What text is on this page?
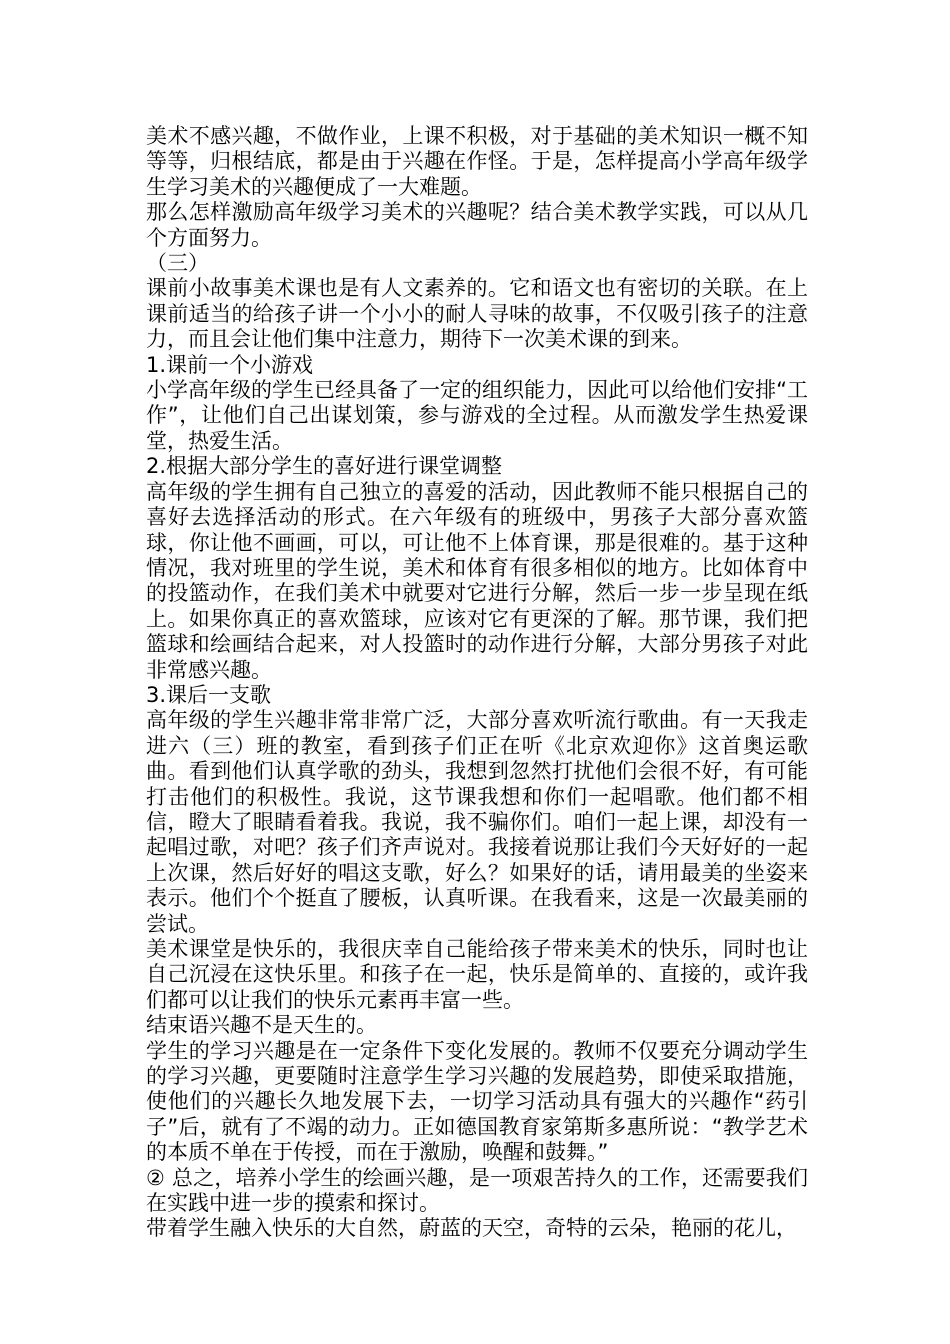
美术不感兴趣，不做作业，上课不积极，对于基础的美术知识一概不知等等，归根结底，都是由于兴趣在作怪。于是，怎样提高小学高年级学生学习美术的兴趣便成了一大难题。

那么怎样激励高年级学习美术的兴趣呢？结合美术教学实践，可以从几个方面努力。

（三）

课前小故事美术课也是有人文素养的。它和语文也有密切的关联。在上课前适当的给孩子讲一个小小的耐人寻味的故事，不仅吸引孩子的注意力，而且会让他们集中注意力，期待下一次美术课的到来。

1.课前一个小游戏

小学高年级的学生已经具备了一定的组织能力，因此可以给他们安排“工作”，让他们自己出谋划策，参与游戏的全过程。从而激发学生热爱课堂，热爱生活。

2.根据大部分学生的喜好进行课堂调整

高年级的学生拥有自己独立的喜爱的活动，因此教师不能只根据自己的喜好去选择活动的形式。在六年级有的班级中，男孩子大部分喜欢篮球，你让他不画画，可以，可让他不上体育课，那是很难的。基于这种情况，我对班里的学生说，美术和体育有很多相似的地方。比如体育中的投篮动作，在我们美术中就要对它进行分解，然后一步一步呈现在纸上。如果你真正的喜欢篮球，应该对它有更深的了解。那节课，我们把篮球和绘画结合起来，对人投篮时的动作进行分解，大部分男孩子对此非常感兴趣。

3.课后一支歌

高年级的学生兴趣非常非常广泛，大部分喜欢听流行歌曲。有一天我走进六（三）班的教室，看到孩子们正在听《北京欢迎你》这首奥运歌曲。看到他们认真学歌的劲头，我想到忽然打扰他们会很不好，有可能打击他们的积极性。我说，这节课我想和你们一起唱歌。他们都不相信，瞪大了眼睛看着我。我说，我不骗你们。咱们一起上课，却没有一起唱过歌，对吧？孩子们齐声说对。我接着说那让我们今天好好的一起上次课，然后好好的唱这支歌，好么？如果好的话，请用最美的坐姿来表示。他们个个挺直了腰板，认真听课。在我看来，这是一次最美丽的尝试。

美术课堂是快乐的，我很庆幸自己能给孩子带来美术的快乐，同时也让自己沉浸在这快乐里。和孩子在一起，快乐是简单的、直接的，或许我们都可以让我们的快乐元素再丰富一些。

结束语兴趣不是天生的。

学生的学习兴趣是在一定条件下变化发展的。教师不仅要充分调动学生的学习兴趣，更要随时注意学生学习兴趣的发展趋势，即使采取措施，使他们的兴趣长久地发展下去，一切学习活动具有强大的兴趣作“药引子”后，就有了不竭的动力。正如德国教育家第斯多惠所说：“教学艺术的本质不单在于传授，而在于激励，唤醒和鼓舞。”

② 总之，培养小学生的绘画兴趣，是一项艰苦持久的工作，还需要我们在实践中进一步的摸索和探讨。

带着学生融入快乐的大自然，蔚蓝的天空，奇特的云朵，艳丽的花儿，
